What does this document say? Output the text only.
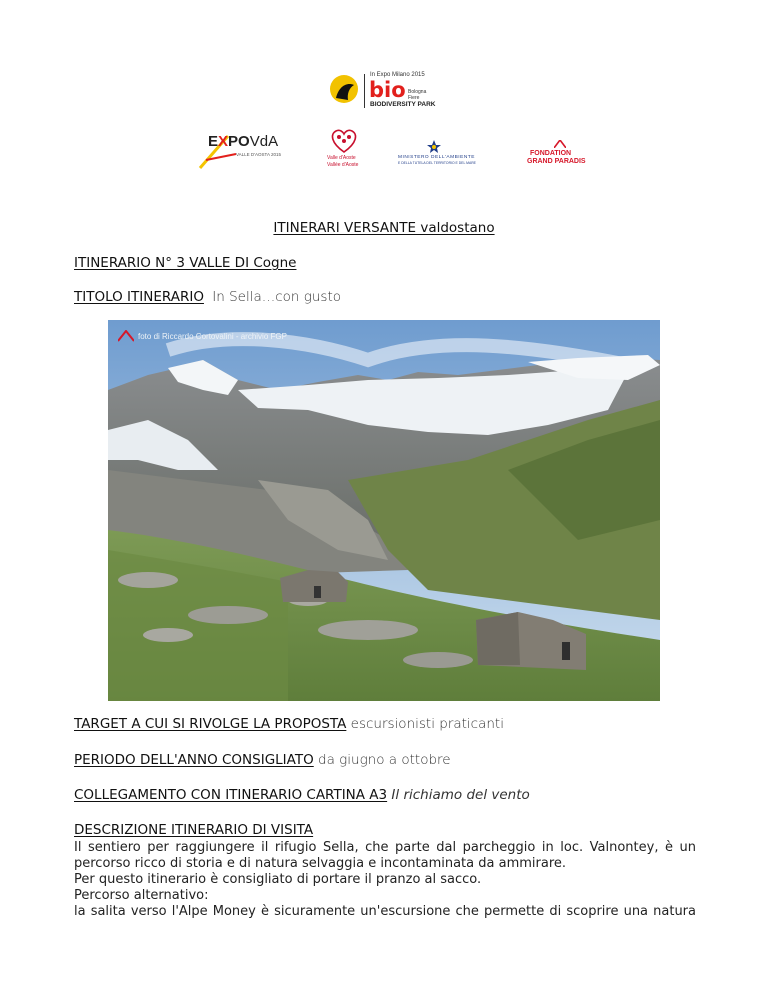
In Expo Milano 2015
bio Bologna Fiere
BIODIVERSITY PARK
EXPOVdA
VALLE D'AOSTA 2015
Valle d'Aoste
Vallée d'Aoste
MINISTERO DELL'AMBIENTE
E DELLA TUTELA DEL TERRITORIO E DEL MARE
FONDATION
GRAND PARADIS
ITINERARI VERSANTE valdostano
ITINERARIO N° 3 VALLE DI Cogne
TITOLO ITINERARIO In Sella…con gusto
foto di Riccardo Cortovalini - archivio FGP
TARGET A CUI SI RIVOLGE LA PROPOSTA escursionisti praticanti
PERIODO DELL'ANNO CONSIGLIATO da giugno a ottobre
COLLEGAMENTO CON ITINERARIO CARTINA A3 Il richiamo del vento
DESCRIZIONE ITINERARIO DI VISITA
Il sentiero per raggiungere il rifugio Sella, che parte dal parcheggio in loc. Valnontey, è un
percorso ricco di storia e di natura selvaggia e incontaminata da ammirare.
Per questo itinerario è consigliato di portare il pranzo al sacco.
Percorso alternativo:
la salita verso l'Alpe Money è sicuramente un'escursione che permette di scoprire una natura
